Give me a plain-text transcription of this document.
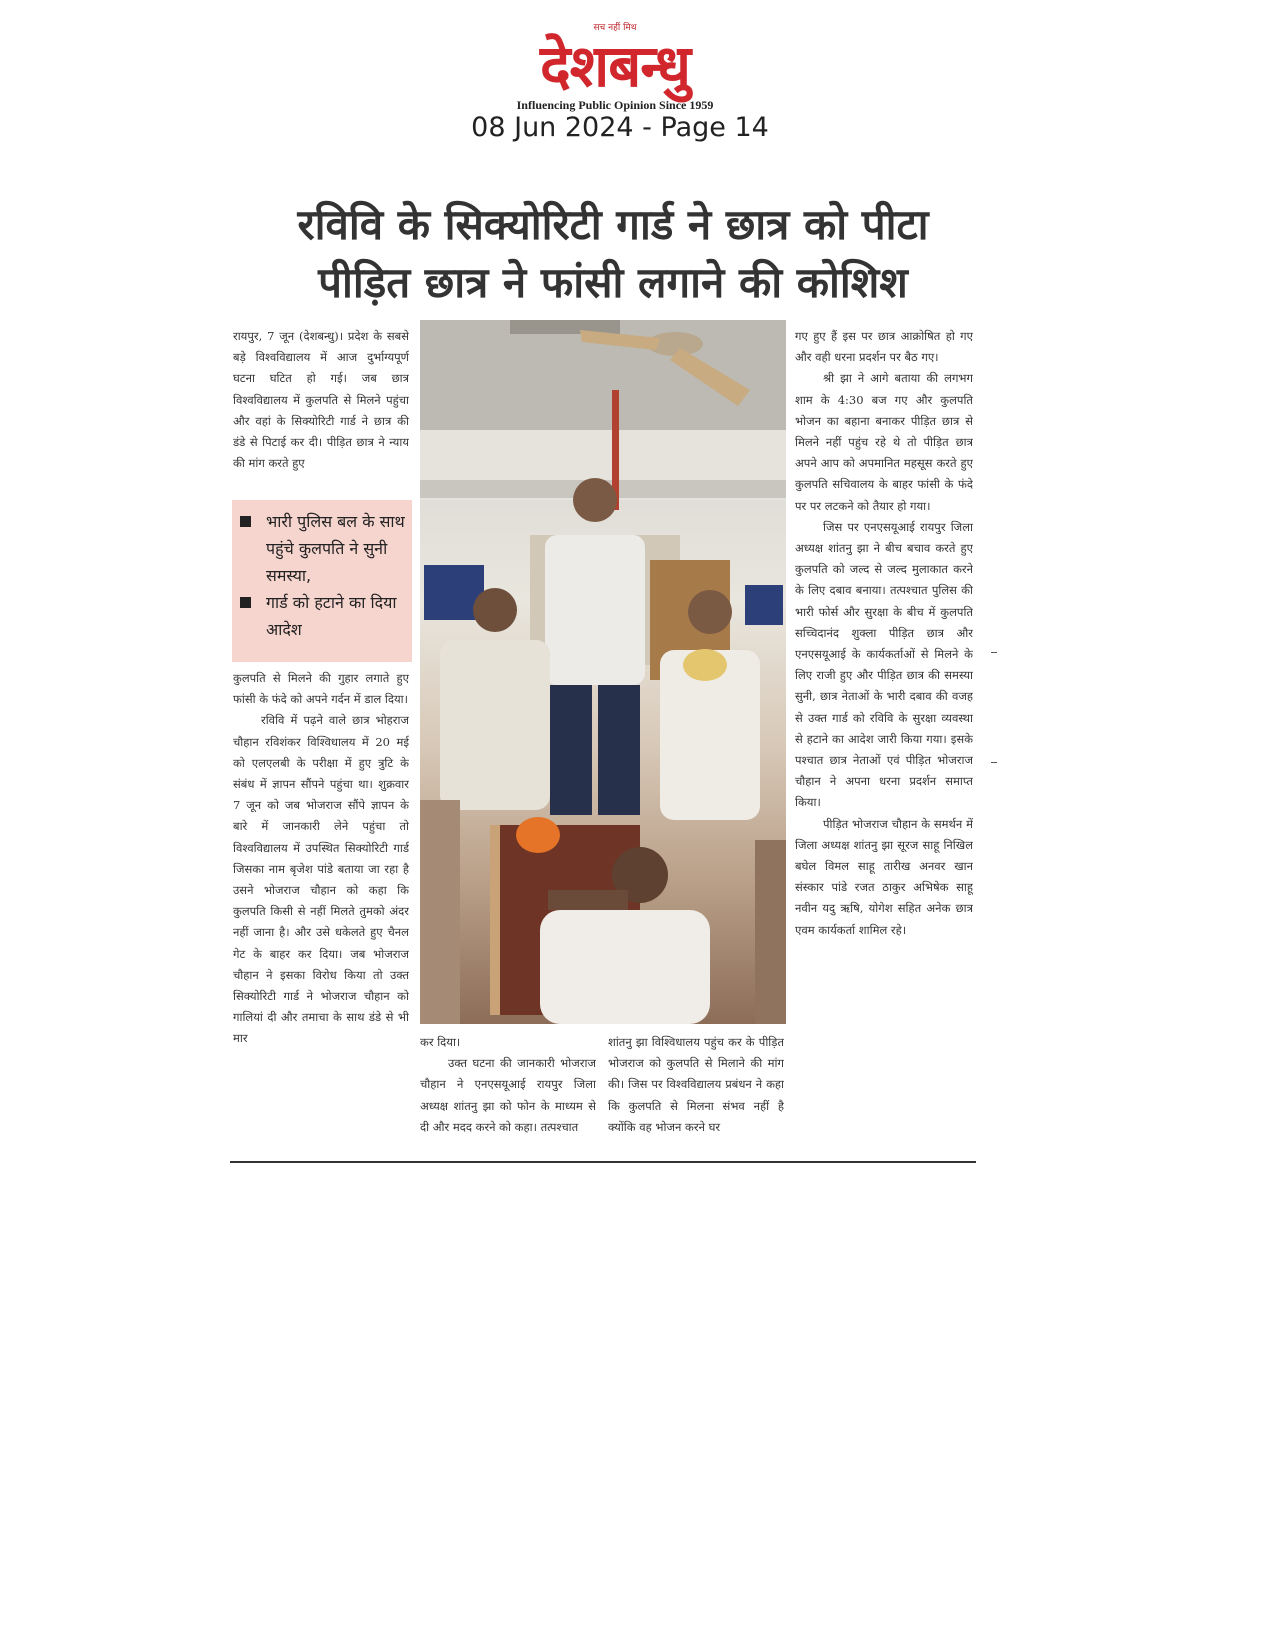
सच नहीं मिथ
देशबन्धु
Influencing Public Opinion Since 1959
08 Jun 2024 - Page 14
रविवि के सिक्योरिटी गार्ड ने छात्र को पीटा
पीड़ित छात्र ने फांसी लगाने की कोशिश

रायपुर, 7 जून (देशबन्धु)। प्रदेश के सबसे बड़े विश्वविद्यालय में आज दुर्भाग्यपूर्ण घटना घटित हो गई। जब छात्र विश्वविद्यालय में कुलपति से मिलने पहुंचा और वहां के सिक्योरिटी गार्ड ने छात्र की डंडे से पिटाई कर दी। पीड़ित छात्र ने न्याय की मांग करते हुए

भारी पुलिस बल के साथ पहुंचे कुलपति ने सुनी समस्या,
गार्ड को हटाने का दिया आदेश

कुलपति से मिलने की गुहार लगाते हुए फांसी के फंदे को अपने गर्दन में डाल दिया।

रविवि में पढ़ने वाले छात्र भोहराज चौहान रविशंकर विश्विधालय में 20 मई को एलएलबी के परीक्षा में हुए त्रुटि के संबंध में ज्ञापन सौंपने पहुंचा था। शुक्रवार 7 जून को जब भोजराज सौंपे ज्ञापन के बारे में जानकारी लेने पहुंचा तो विश्वविद्यालय में उपस्थित सिक्योरिटी गार्ड जिसका नाम बृजेश पांडे बताया जा रहा है उसने भोजराज चौहान को कहा कि कुलपति किसी से नहीं मिलते तुमको अंदर नहीं जाना है। और उसे धकेलते हुए चैनल गेट के बाहर कर दिया। जब भोजराज चौहान ने इसका विरोध किया तो उक्त सिक्योरिटी गार्ड ने भोजराज चौहान को गालियां दी और तमाचा के साथ डंडे से भी मार	कर दिया।

उक्त घटना की जानकारी भोजराज चौहान ने एनएसयूआई रायपुर जिला अध्यक्ष शांतनु झा को फोन के माध्यम से दी और मदद करने को कहा। तत्पश्चात

शांतनु झा विश्विधालय पहुंच कर के पीड़ित भोजराज को कुलपति से मिलाने की मांग की। जिस पर विश्वविद्यालय प्रबंधन ने कहा कि कुलपति से मिलना संभव नहीं है क्योंकि वह भोजन करने घर

गए हुए हैं इस पर छात्र आक्रोषित हो गए और वही धरना प्रदर्शन पर बैठ गए।

श्री झा ने आगे बताया की लगभग शाम के 4:30 बज गए और कुलपति भोजन का बहाना बनाकर पीड़ित छात्र से मिलने नहीं पहुंच रहे थे तो पीड़ित छात्र अपने आप को अपमानित महसूस करते हुए कुलपति सचिवालय के बाहर फांसी के फंदे पर पर लटकने को तैयार हो गया।

जिस पर एनएसयूआई रायपुर जिला अध्यक्ष शांतनु झा ने बीच बचाव करते हुए कुलपति को जल्द से जल्द मुलाकात करने के लिए दबाव बनाया। तत्पश्चात पुलिस की भारी फोर्स और सुरक्षा के बीच में कुलपति सच्चिदानंद शुक्ला पीड़ित छात्र और एनएसयूआई के कार्यकर्ताओं से मिलने के लिए राजी हुए और पीड़ित छात्र की समस्या सुनी, छात्र नेताओं के भारी दबाव की वजह से उक्त गार्ड को रविवि के सुरक्षा व्यवस्था से हटाने का आदेश जारी किया गया। इसके पश्चात छात्र नेताओं एवं पीड़ित भोजराज चौहान ने अपना धरना प्रदर्शन समाप्त किया।

पीड़ित भोजराज चौहान के समर्थन में जिला अध्यक्ष शांतनु झा सूरज साहू निखिल बघेल विमल साहू तारीख अनवर खान संस्कार पांडे रजत ठाकुर अभिषेक साहू नवीन यदु ऋषि, योगेश सहित अनेक छात्र एवम कार्यकर्ता शामिल रहे।
